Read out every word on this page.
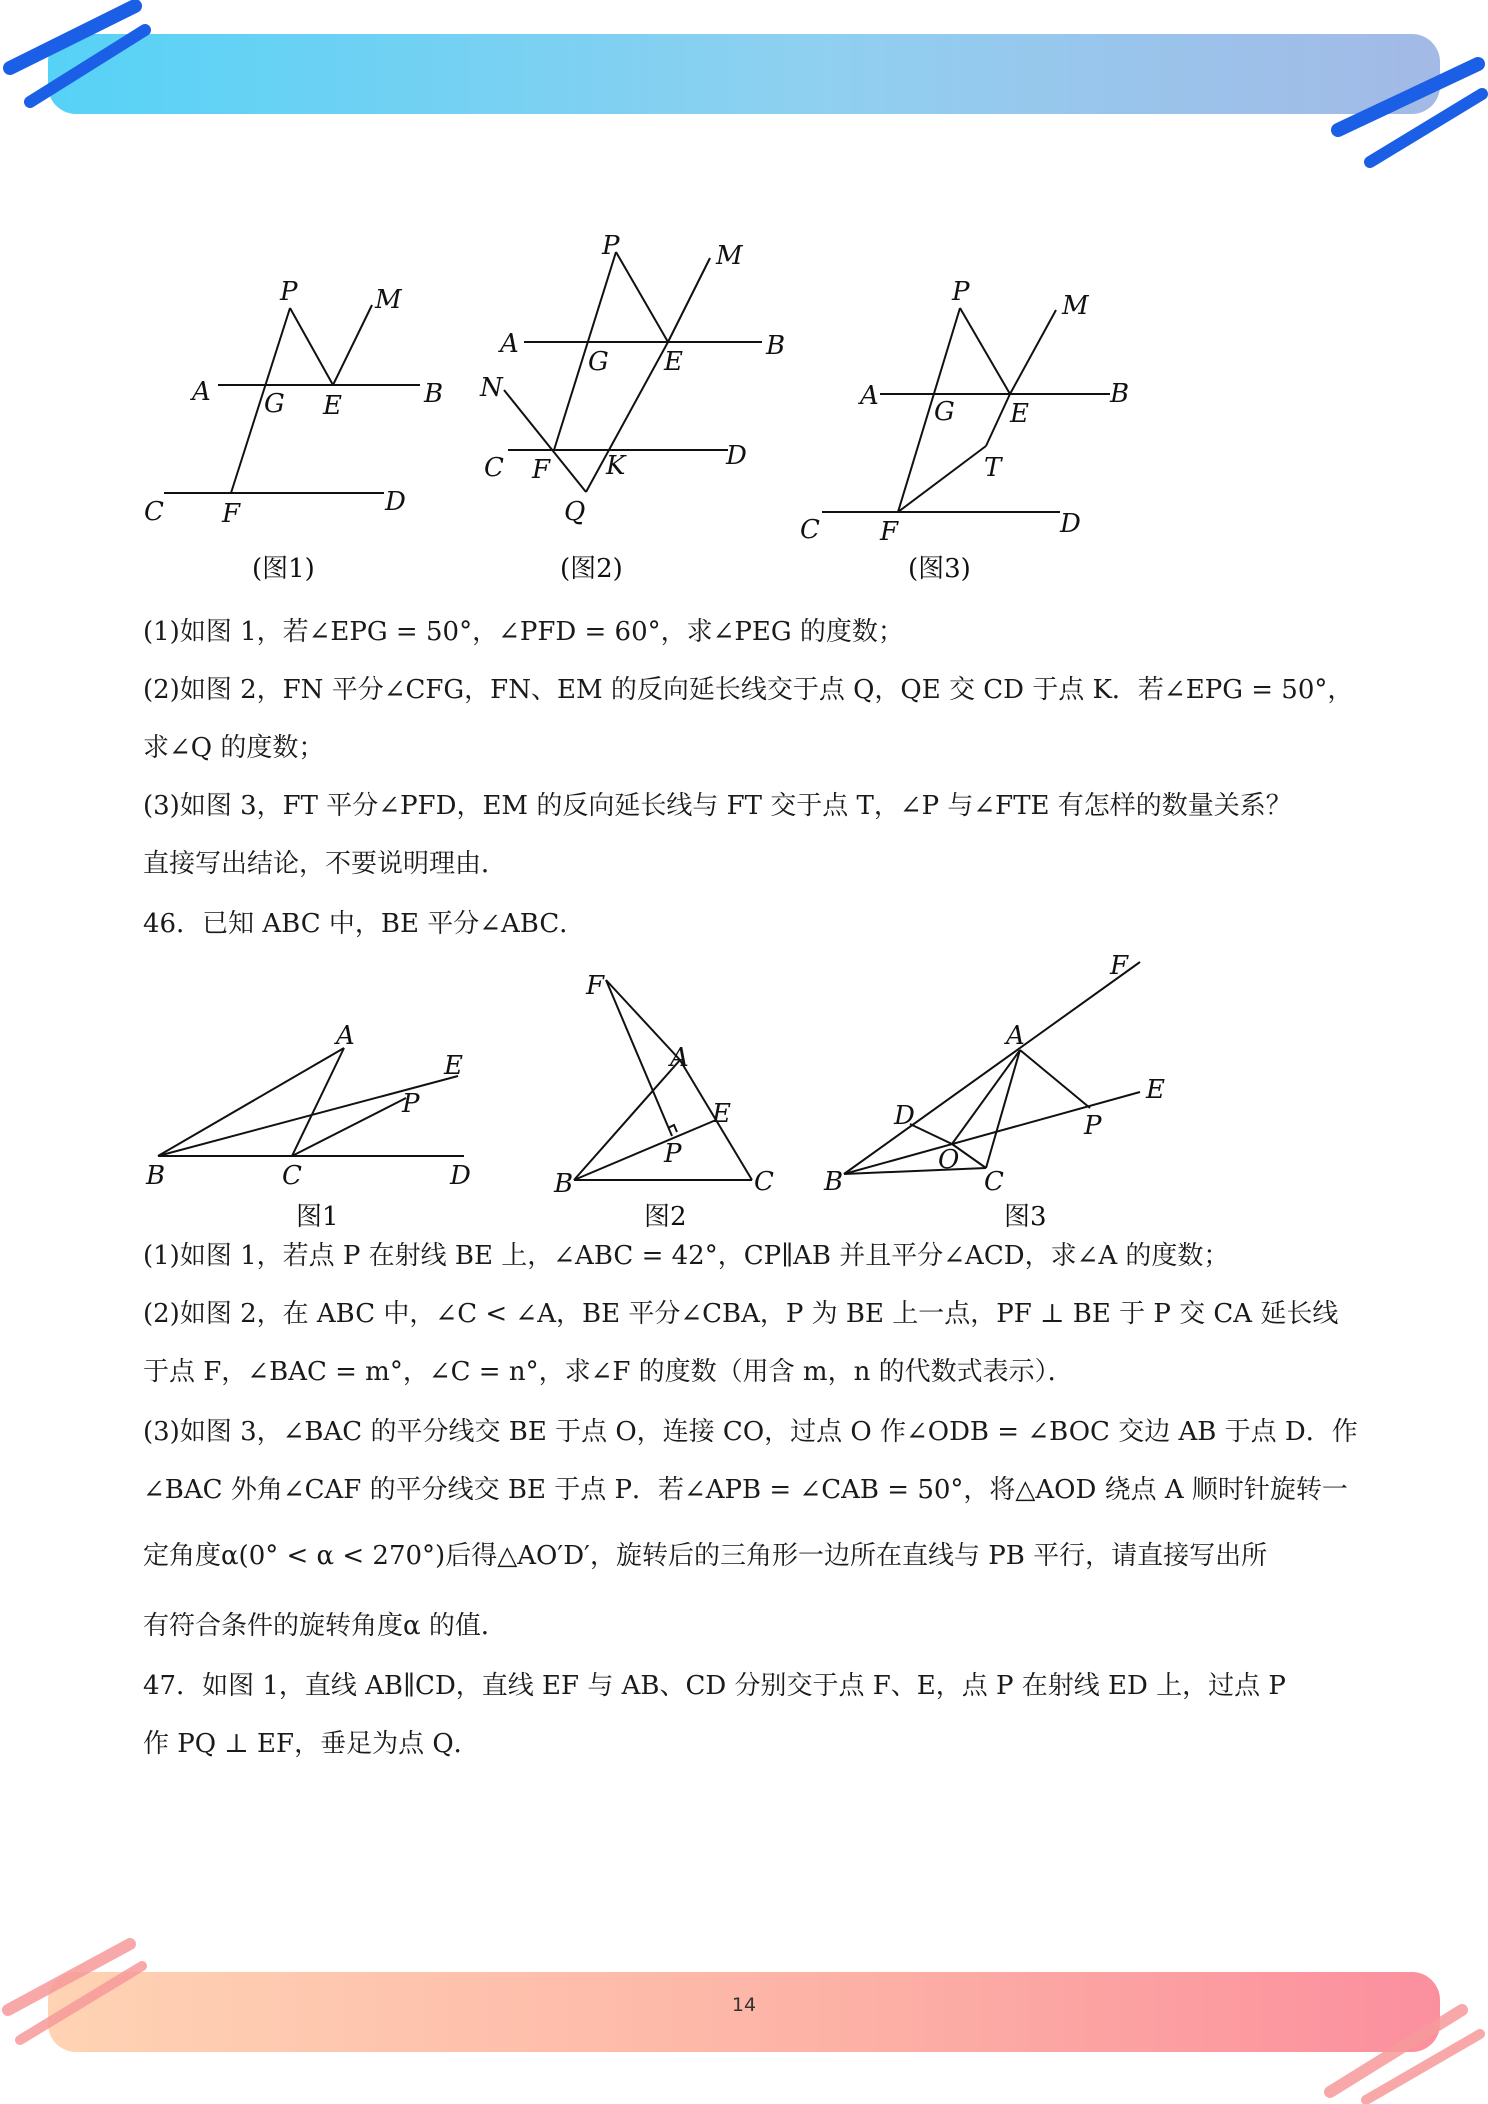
P	M
A G E	B
C F	D
(图1)
P	M
A
G E
B
N
C F K	D
Q
(图2)
P	M
A
G E
B
T
C F	D
(图3)
(1)如图 1，若∠EPG = 50°，∠PFD = 60°，求∠PEG 的度数；
(2)如图 2，FN 平分∠CFG，FN、EM 的反向延长线交于点 Q，QE 交 CD 于点 K．若∠EPG = 50°，
求∠Q 的度数；
(3)如图 3，FT 平分∠PFD，EM 的反向延长线与 FT 交于点 T，∠P 与∠FTE 有怎样的数量关系？
直接写出结论，不要说明理由．
46．已知 ABC 中，BE 平分∠ABC．
A
E
P
B	C	D
图1
F
A
E
P
B	C
图2
F
A
E
D	P
O
B	C
图3
(1)如图 1，若点 P 在射线 BE 上，∠ABC = 42°，CP∥AB 并且平分∠ACD，求∠A 的度数；
(2)如图 2，在 ABC 中，∠C < ∠A，BE 平分∠CBA，P 为 BE 上一点，PF ⊥ BE 于 P 交 CA 延长线
于点 F，∠BAC = m°，∠C = n°，求∠F 的度数（用含 m，n 的代数式表示）．
(3)如图 3，∠BAC 的平分线交 BE 于点 O，连接 CO，过点 O 作∠ODB = ∠BOC 交边 AB 于点 D．作
∠BAC 外角∠CAF 的平分线交 BE 于点 P．若∠APB = ∠CAB = 50°，将△AOD 绕点 A 顺时针旋转一
定角度α(0° < α < 270°)后得△AO′D′，旋转后的三角形一边所在直线与 PB 平行，请直接写出所
有符合条件的旋转角度α 的值．
47．如图 1，直线 AB∥CD，直线 EF 与 AB、CD 分别交于点 F、E，点 P 在射线 ED 上，过点 P
作 PQ ⊥ EF，垂足为点 Q．
14
